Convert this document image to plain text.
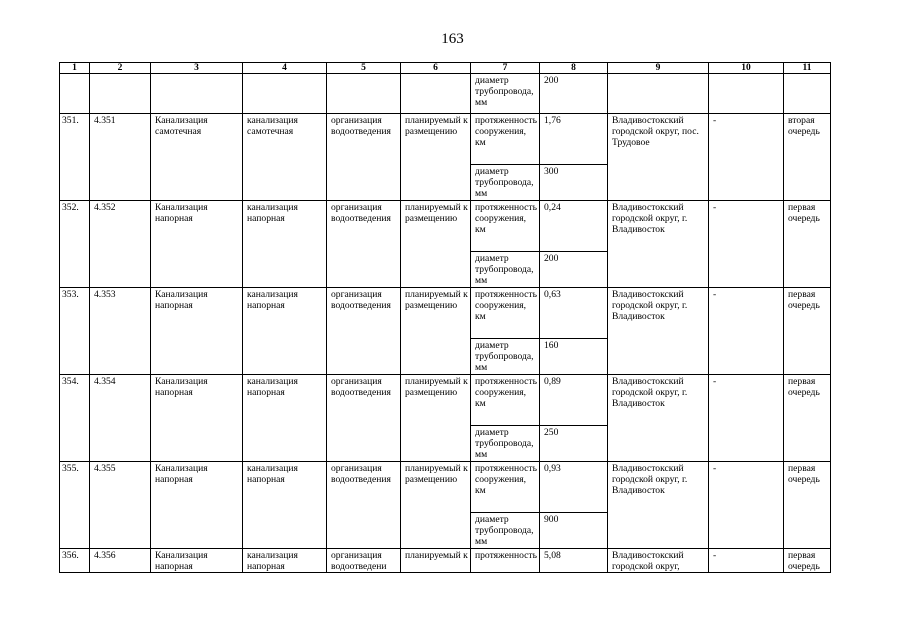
163
1	2	3	4	5	6	7	8	9	10	11
						диаметр трубопровода, мм	200			
351.	4.351	Канализация самотечная	канализация самотечная	организация водоотведения	планируемый к размещению	протяженность сооружения, км	1,76	Владивостокский городской округ, пос. Трудовое	-	вторая очередь
						диаметр трубопровода, мм	300			
352.	4.352	Канализация напорная	канализация напорная	организация водоотведения	планируемый к размещению	протяженность сооружения, км	0,24	Владивостокский городской округ, г. Владивосток	-	первая очередь
						диаметр трубопровода, мм	200			
353.	4.353	Канализация напорная	канализация напорная	организация водоотведения	планируемый к размещению	протяженность сооружения, км	0,63	Владивостокский городской округ, г. Владивосток	-	первая очередь
						диаметр трубопровода, мм	160			
354.	4.354	Канализация напорная	канализация напорная	организация водоотведения	планируемый к размещению	протяженность сооружения, км	0,89	Владивостокский городской округ, г. Владивосток	-	первая очередь
						диаметр трубопровода, мм	250			
355.	4.355	Канализация напорная	канализация напорная	организация водоотведения	планируемый к размещению	протяженность сооружения, км	0,93	Владивостокский городской округ, г. Владивосток	-	первая очередь
						диаметр трубопровода, мм	900			
356.	4.356	Канализация напорная	канализация напорная	организация водоотведени	планируемый к	протяженность	5,08	Владивостокский городской округ,	-	первая очередь
